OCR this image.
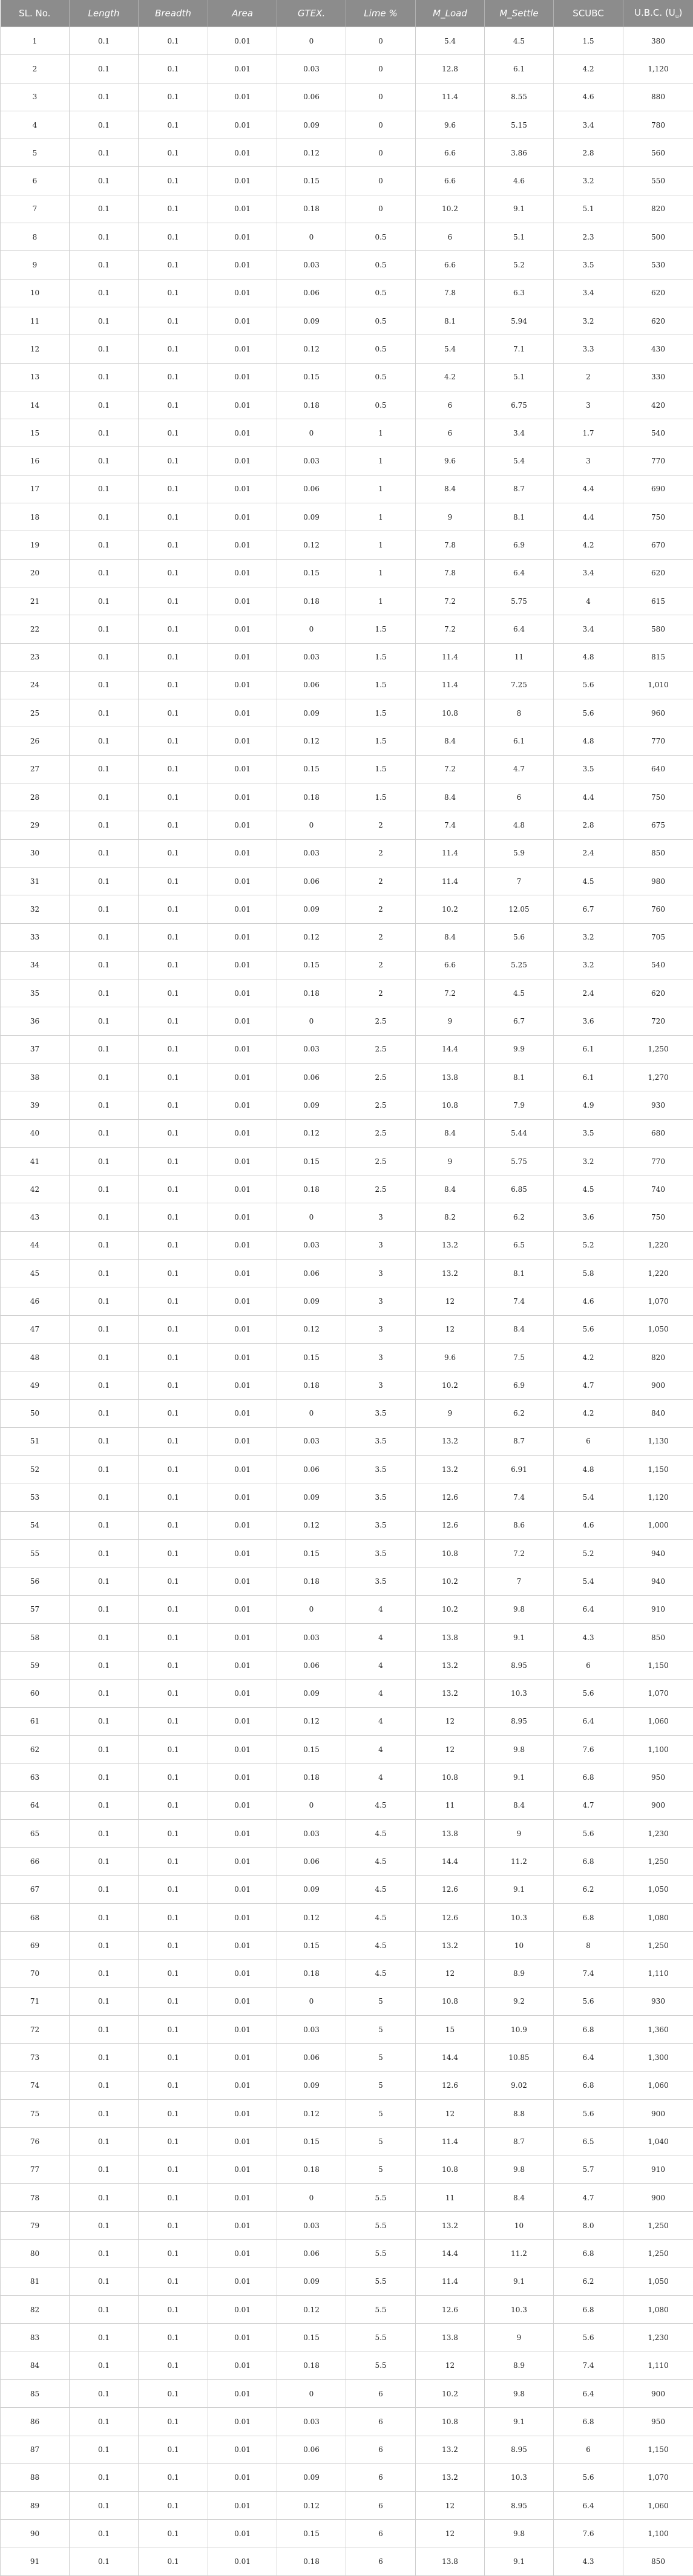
SL. No.	Length	Breadth	Area	GTEX.	Lime %	M_Load	M_Settle	SCUBC	U.B.C. $(U_u)$
1	0.1	0.1	0.01	0	0	5.4	4.5	1.5	380
2	0.1	0.1	0.01	0.03	0	12.8	6.1	4.2	1,120
3	0.1	0.1	0.01	0.06	0	11.4	8.55	4.6	880
4	0.1	0.1	0.01	0.09	0	9.6	5.15	3.4	780
5	0.1	0.1	0.01	0.12	0	6.6	3.86	2.8	560
6	0.1	0.1	0.01	0.15	0	6.6	4.6	3.2	550
7	0.1	0.1	0.01	0.18	0	10.2	9.1	5.1	820
8	0.1	0.1	0.01	0	0.5	6	5.1	2.3	500
9	0.1	0.1	0.01	0.03	0.5	6.6	5.2	3.5	530
10	0.1	0.1	0.01	0.06	0.5	7.8	6.3	3.4	620
11	0.1	0.1	0.01	0.09	0.5	8.1	5.94	3.2	620
12	0.1	0.1	0.01	0.12	0.5	5.4	7.1	3.3	430
13	0.1	0.1	0.01	0.15	0.5	4.2	5.1	2	330
14	0.1	0.1	0.01	0.18	0.5	6	6.75	3	420
15	0.1	0.1	0.01	0	1	6	3.4	1.7	540
16	0.1	0.1	0.01	0.03	1	9.6	5.4	3	770
17	0.1	0.1	0.01	0.06	1	8.4	8.7	4.4	690
18	0.1	0.1	0.01	0.09	1	9	8.1	4.4	750
19	0.1	0.1	0.01	0.12	1	7.8	6.9	4.2	670
20	0.1	0.1	0.01	0.15	1	7.8	6.4	3.4	620
21	0.1	0.1	0.01	0.18	1	7.2	5.75	4	615
22	0.1	0.1	0.01	0	1.5	7.2	6.4	3.4	580
23	0.1	0.1	0.01	0.03	1.5	11.4	11	4.8	815
24	0.1	0.1	0.01	0.06	1.5	11.4	7.25	5.6	1,010
25	0.1	0.1	0.01	0.09	1.5	10.8	8	5.6	960
26	0.1	0.1	0.01	0.12	1.5	8.4	6.1	4.8	770
27	0.1	0.1	0.01	0.15	1.5	7.2	4.7	3.5	640
28	0.1	0.1	0.01	0.18	1.5	8.4	6	4.4	750
29	0.1	0.1	0.01	0	2	7.4	4.8	2.8	675
30	0.1	0.1	0.01	0.03	2	11.4	5.9	2.4	850
31	0.1	0.1	0.01	0.06	2	11.4	7	4.5	980
32	0.1	0.1	0.01	0.09	2	10.2	12.05	6.7	760
33	0.1	0.1	0.01	0.12	2	8.4	5.6	3.2	705
34	0.1	0.1	0.01	0.15	2	6.6	5.25	3.2	540
35	0.1	0.1	0.01	0.18	2	7.2	4.5	2.4	620
36	0.1	0.1	0.01	0	2.5	9	6.7	3.6	720
37	0.1	0.1	0.01	0.03	2.5	14.4	9.9	6.1	1,250
38	0.1	0.1	0.01	0.06	2.5	13.8	8.1	6.1	1,270
39	0.1	0.1	0.01	0.09	2.5	10.8	7.9	4.9	930
40	0.1	0.1	0.01	0.12	2.5	8.4	5.44	3.5	680
41	0.1	0.1	0.01	0.15	2.5	9	5.75	3.2	770
42	0.1	0.1	0.01	0.18	2.5	8.4	6.85	4.5	740
43	0.1	0.1	0.01	0	3	8.2	6.2	3.6	750
44	0.1	0.1	0.01	0.03	3	13.2	6.5	5.2	1,220
45	0.1	0.1	0.01	0.06	3	13.2	8.1	5.8	1,220
46	0.1	0.1	0.01	0.09	3	12	7.4	4.6	1,070
47	0.1	0.1	0.01	0.12	3	12	8.4	5.6	1,050
48	0.1	0.1	0.01	0.15	3	9.6	7.5	4.2	820
49	0.1	0.1	0.01	0.18	3	10.2	6.9	4.7	900
50	0.1	0.1	0.01	0	3.5	9	6.2	4.2	840
51	0.1	0.1	0.01	0.03	3.5	13.2	8.7	6	1,130
52	0.1	0.1	0.01	0.06	3.5	13.2	6.91	4.8	1,150
53	0.1	0.1	0.01	0.09	3.5	12.6	7.4	5.4	1,120
54	0.1	0.1	0.01	0.12	3.5	12.6	8.6	4.6	1,000
55	0.1	0.1	0.01	0.15	3.5	10.8	7.2	5.2	940
56	0.1	0.1	0.01	0.18	3.5	10.2	7	5.4	940
57	0.1	0.1	0.01	0	4	10.2	9.8	6.4	910
58	0.1	0.1	0.01	0.03	4	13.8	9.1	4.3	850
59	0.1	0.1	0.01	0.06	4	13.2	8.95	6	1,150
60	0.1	0.1	0.01	0.09	4	13.2	10.3	5.6	1,070
61	0.1	0.1	0.01	0.12	4	12	8.95	6.4	1,060
62	0.1	0.1	0.01	0.15	4	12	9.8	7.6	1,100
63	0.1	0.1	0.01	0.18	4	10.8	9.1	6.8	950
64	0.1	0.1	0.01	0	4.5	11	8.4	4.7	900
65	0.1	0.1	0.01	0.03	4.5	13.8	9	5.6	1,230
66	0.1	0.1	0.01	0.06	4.5	14.4	11.2	6.8	1,250
67	0.1	0.1	0.01	0.09	4.5	12.6	9.1	6.2	1,050
68	0.1	0.1	0.01	0.12	4.5	12.6	10.3	6.8	1,080
69	0.1	0.1	0.01	0.15	4.5	13.2	10	8	1,250
70	0.1	0.1	0.01	0.18	4.5	12	8.9	7.4	1,110
71	0.1	0.1	0.01	0	5	10.8	9.2	5.6	930
72	0.1	0.1	0.01	0.03	5	15	10.9	6.8	1,360
73	0.1	0.1	0.01	0.06	5	14.4	10.85	6.4	1,300
74	0.1	0.1	0.01	0.09	5	12.6	9.02	6.8	1,060
75	0.1	0.1	0.01	0.12	5	12	8.8	5.6	900
76	0.1	0.1	0.01	0.15	5	11.4	8.7	6.5	1,040
77	0.1	0.1	0.01	0.18	5	10.8	9.8	5.7	910
78	0.1	0.1	0.01	0	5.5	11	8.4	4.7	900
79	0.1	0.1	0.01	0.03	5.5	13.2	10	8.0	1,250
80	0.1	0.1	0.01	0.06	5.5	14.4	11.2	6.8	1,250
81	0.1	0.1	0.01	0.09	5.5	11.4	9.1	6.2	1,050
82	0.1	0.1	0.01	0.12	5.5	12.6	10.3	6.8	1,080
83	0.1	0.1	0.01	0.15	5.5	13.8	9	5.6	1,230
84	0.1	0.1	0.01	0.18	5.5	12	8.9	7.4	1,110
85	0.1	0.1	0.01	0	6	10.2	9.8	6.4	900
86	0.1	0.1	0.01	0.03	6	10.8	9.1	6.8	950
87	0.1	0.1	0.01	0.06	6	13.2	8.95	6	1,150
88	0.1	0.1	0.01	0.09	6	13.2	10.3	5.6	1,070
89	0.1	0.1	0.01	0.12	6	12	8.95	6.4	1,060
90	0.1	0.1	0.01	0.15	6	12	9.8	7.6	1,100
91	0.1	0.1	0.01	0.18	6	13.8	9.1	4.3	850
